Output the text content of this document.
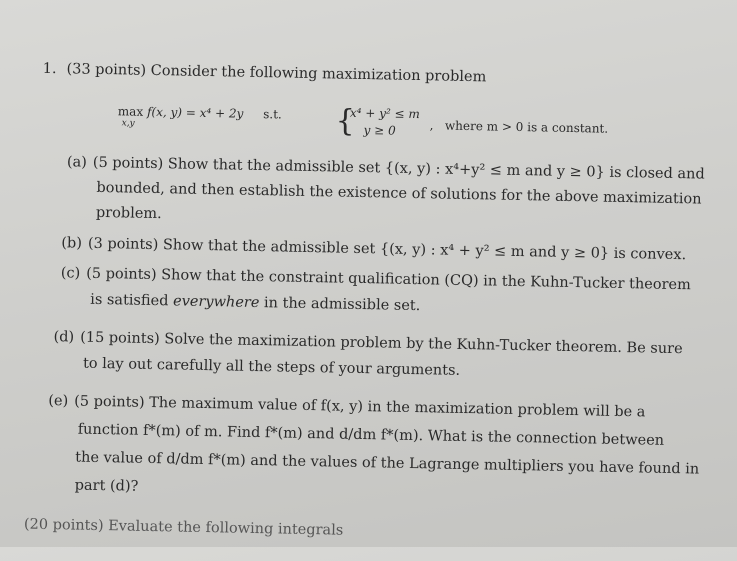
1. (33 points) Consider the following maximization problem
max
x,y
f(x, y) = x⁴ + 2y s.t. {
x⁴ + y² ≤ m
y ≥ 0	, where m > 0 is a constant.
(a) (5 points) Show that the admissible set {(x, y) : x⁴+y² ≤ m and y ≥ 0} is closed and
bounded, and then establish the existence of solutions for the above maximization
problem.
(b) (3 points) Show that the admissible set {(x, y) : x⁴ + y² ≤ m and y ≥ 0} is convex.
(c) (5 points) Show that the constraint qualification (CQ) in the Kuhn-Tucker theorem
is satisfied everywhere in the admissible set.
(d) (15 points) Solve the maximization problem by the Kuhn-Tucker theorem. Be sure
to lay out carefully all the steps of your arguments.
(e) (5 points) The maximum value of f(x, y) in the maximization problem will be a
function f*(m) of m. Find f*(m) and d/dm f*(m). What is the connection between
the value of d/dm f*(m) and the values of the Lagrange multipliers you have found in
part (d)?
(20 points) Evaluate the following integrals
